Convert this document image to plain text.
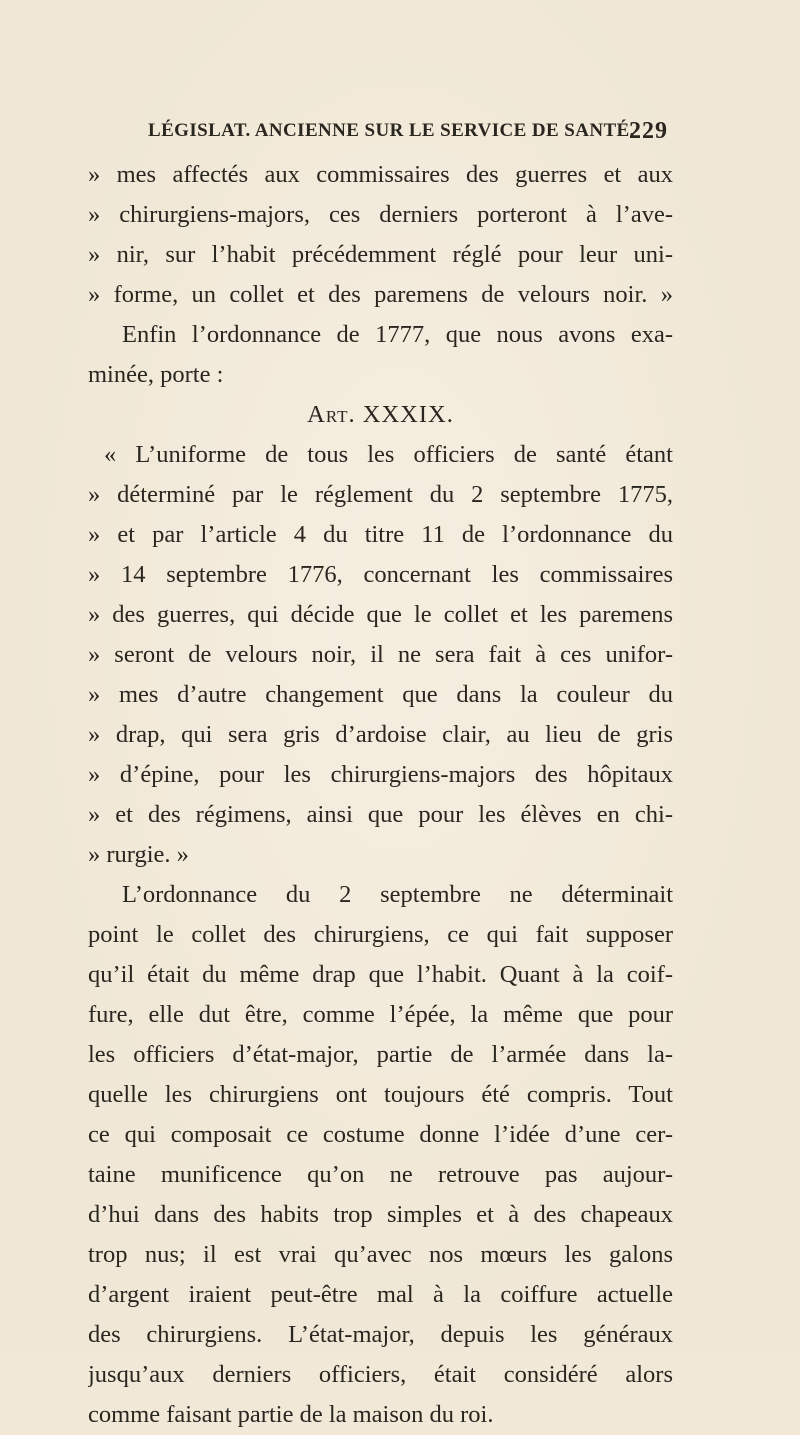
LÉGISLAT. ANCIENNE SUR LE SERVICE DE SANTÉ.
229
» mes affectés aux commissaires des guerres et aux
» chirurgiens-majors, ces derniers porteront à l’ave-
» nir, sur l’habit précédemment réglé pour leur uni-
» forme, un collet et des paremens de velours noir. »
Enfin l’ordonnance de 1777, que nous avons exa-
minée, porte :
Art. XXXIX.
« L’uniforme de tous les officiers de santé étant
» déterminé par le réglement du 2 septembre 1775,
» et par l’article 4 du titre 11 de l’ordonnance du
» 14 septembre 1776, concernant les commissaires
» des guerres, qui décide que le collet et les paremens
» seront de velours noir, il ne sera fait à ces unifor-
» mes d’autre changement que dans la couleur du
» drap, qui sera gris d’ardoise clair, au lieu de gris
» d’épine, pour les chirurgiens-majors des hôpitaux
» et des régimens, ainsi que pour les élèves en chi-
» rurgie. »
L’ordonnance du 2 septembre ne déterminait
point le collet des chirurgiens, ce qui fait supposer
qu’il était du même drap que l’habit. Quant à la coif-
fure, elle dut être, comme l’épée, la même que pour
les officiers d’état-major, partie de l’armée dans la-
quelle les chirurgiens ont toujours été compris. Tout
ce qui composait ce costume donne l’idée d’une cer-
taine munificence qu’on ne retrouve pas aujour-
d’hui dans des habits trop simples et à des chapeaux
trop nus; il est vrai qu’avec nos mœurs les galons
d’argent iraient peut-être mal à la coiffure actuelle
des chirurgiens. L’état-major, depuis les généraux
jusqu’aux derniers officiers, était considéré alors
comme faisant partie de la maison du roi.
